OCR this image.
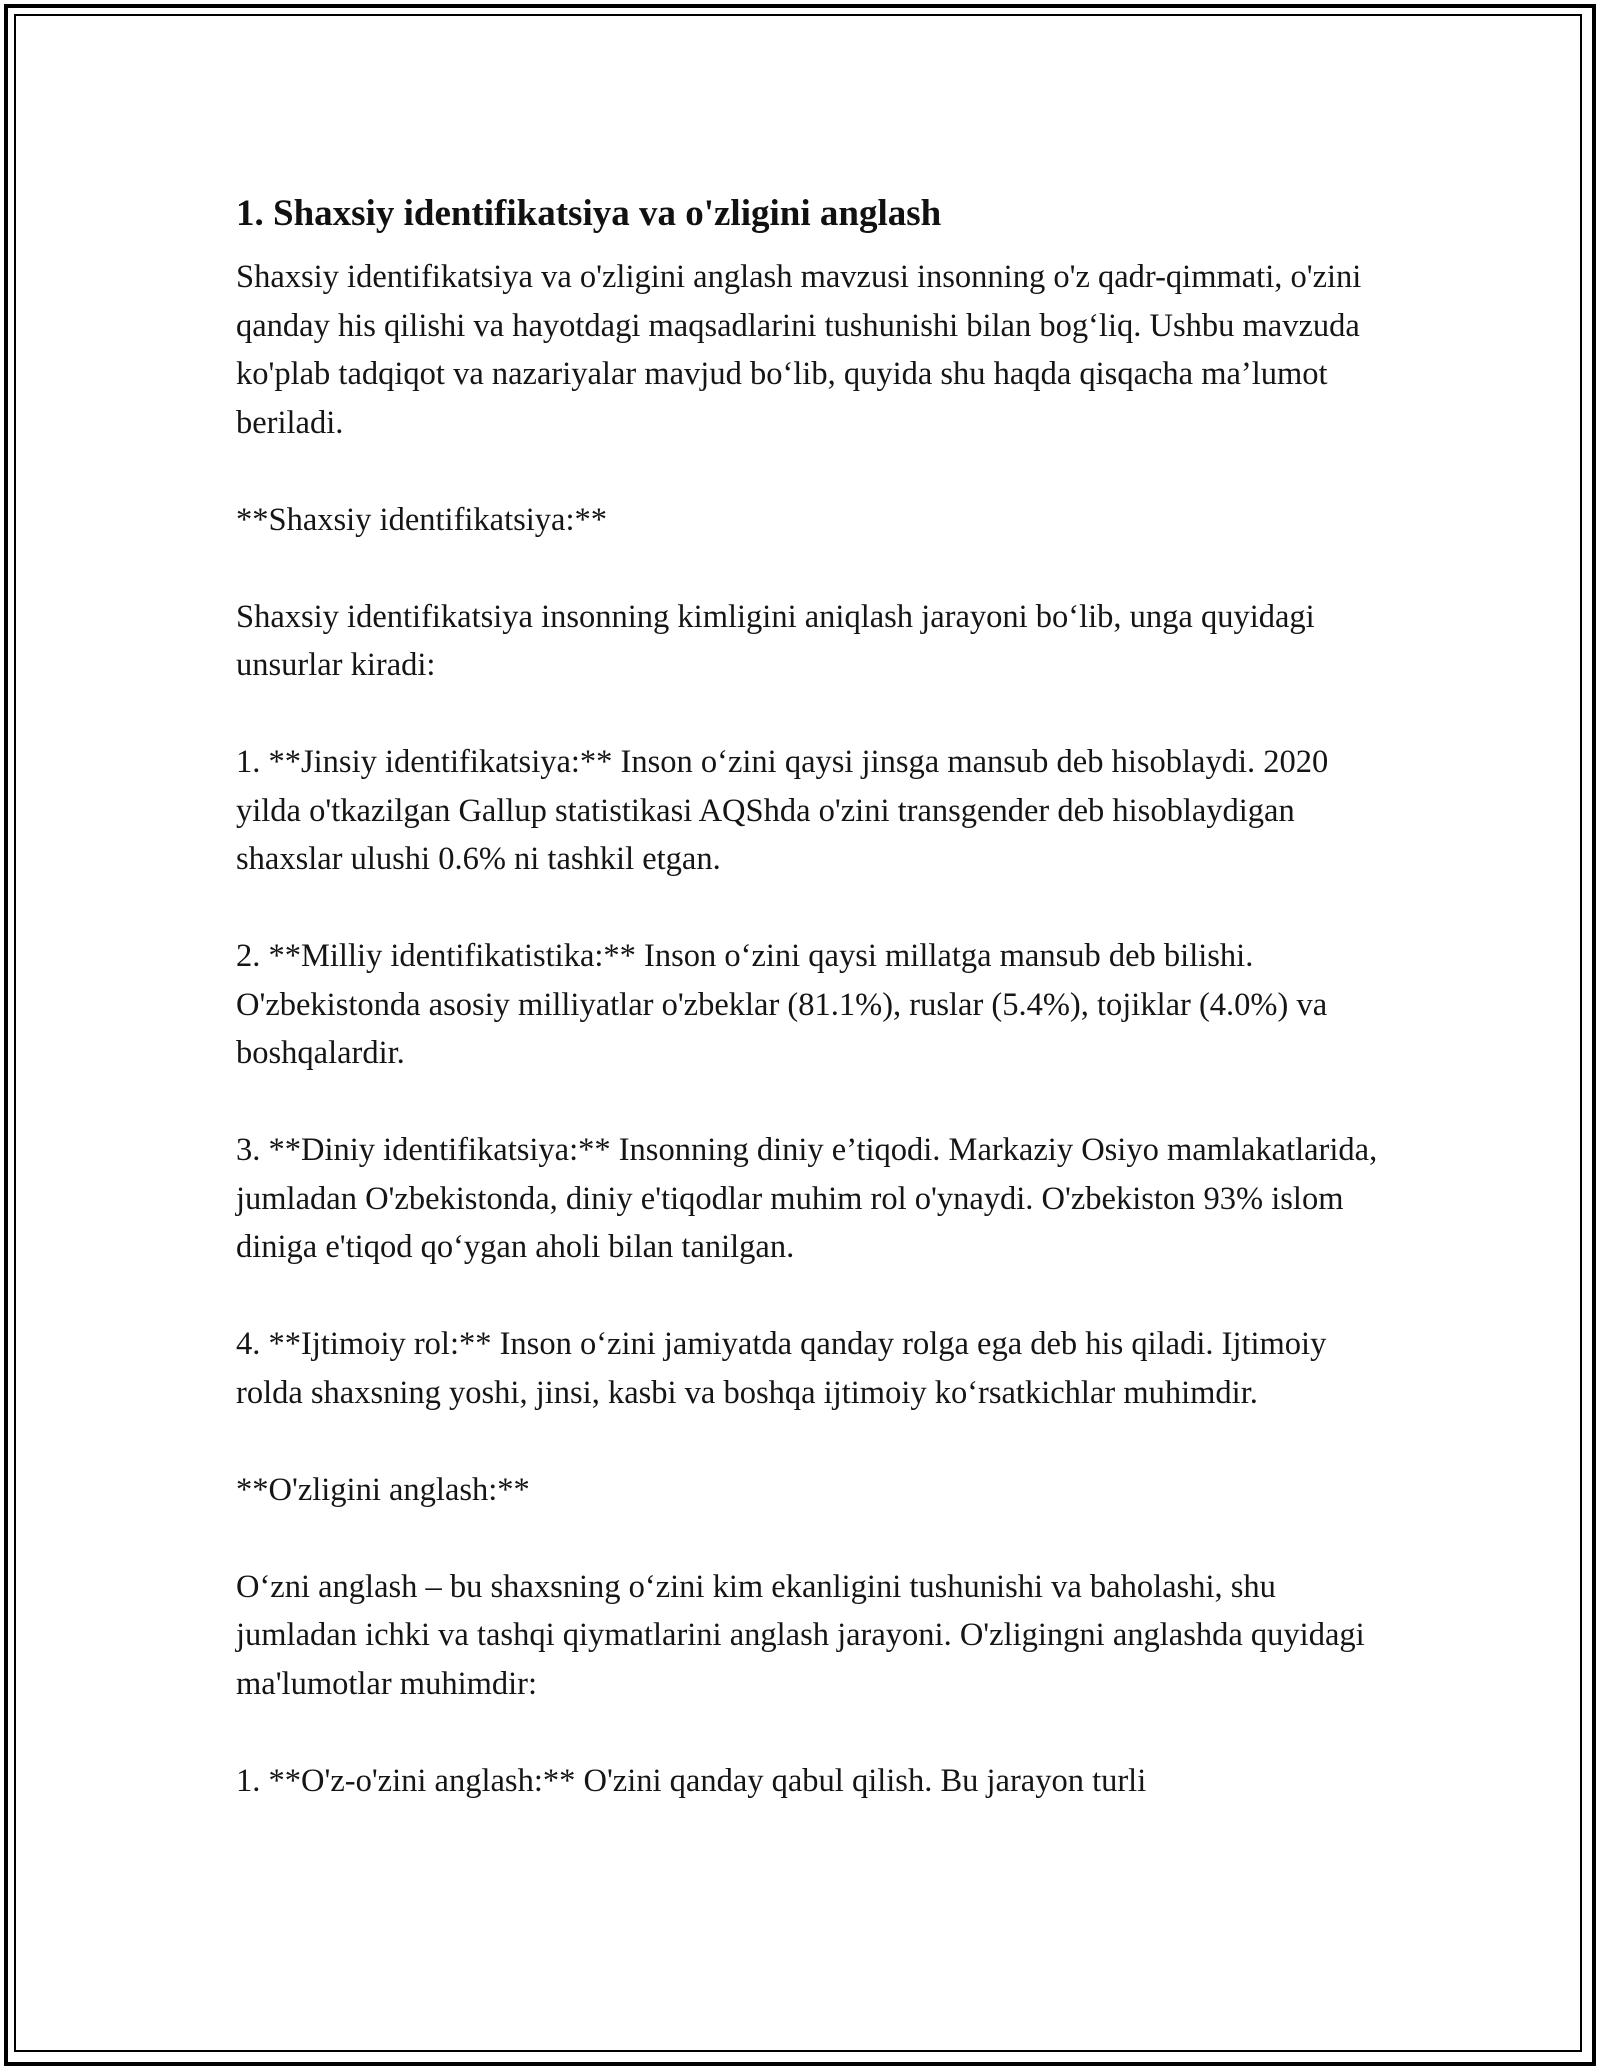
1. Shaxsiy identifikatsiya va o'zligini anglash

Shaxsiy identifikatsiya va o'zligini anglash mavzusi insonning o'z qadr-qimmati, o'zini qanday his qilishi va hayotdagi maqsadlarini tushunishi bilan bog‘liq. Ushbu mavzuda ko'plab tadqiqot va nazariyalar mavjud bo‘lib, quyida shu haqda qisqacha ma’lumot beriladi.

**Shaxsiy identifikatsiya:**

Shaxsiy identifikatsiya insonning kimligini aniqlash jarayoni bo‘lib, unga quyidagi unsurlar kiradi:

1. **Jinsiy identifikatsiya:** Inson o‘zini qaysi jinsga mansub deb hisoblaydi. 2020 yilda o'tkazilgan Gallup statistikasi AQShda o'zini transgender deb hisoblaydigan shaxslar ulushi 0.6% ni tashkil etgan.

2. **Milliy identifikatistika:** Inson o‘zini qaysi millatga mansub deb bilishi. O'zbekistonda asosiy milliyatlar o'zbeklar (81.1%), ruslar (5.4%), tojiklar (4.0%) va boshqalardir.

3. **Diniy identifikatsiya:** Insonning diniy e’tiqodi. Markaziy Osiyo mamlakatlarida, jumladan O'zbekistonda, diniy e'tiqodlar muhim rol o'ynaydi. O'zbekiston 93% islom diniga e'tiqod qo‘ygan aholi bilan tanilgan.

4. **Ijtimoiy rol:** Inson o‘zini jamiyatda qanday rolga ega deb his qiladi. Ijtimoiy rolda shaxsning yoshi, jinsi, kasbi va boshqa ijtimoiy ko‘rsatkichlar muhimdir.

**O'zligini anglash:**

O‘zni anglash – bu shaxsning o‘zini kim ekanligini tushunishi va baholashi, shu jumladan ichki va tashqi qiymatlarini anglash jarayoni. O'zligingni anglashda quyidagi ma'lumotlar muhimdir:

1. **O'z-o'zini anglash:** O'zini qanday qabul qilish. Bu jarayon turli
